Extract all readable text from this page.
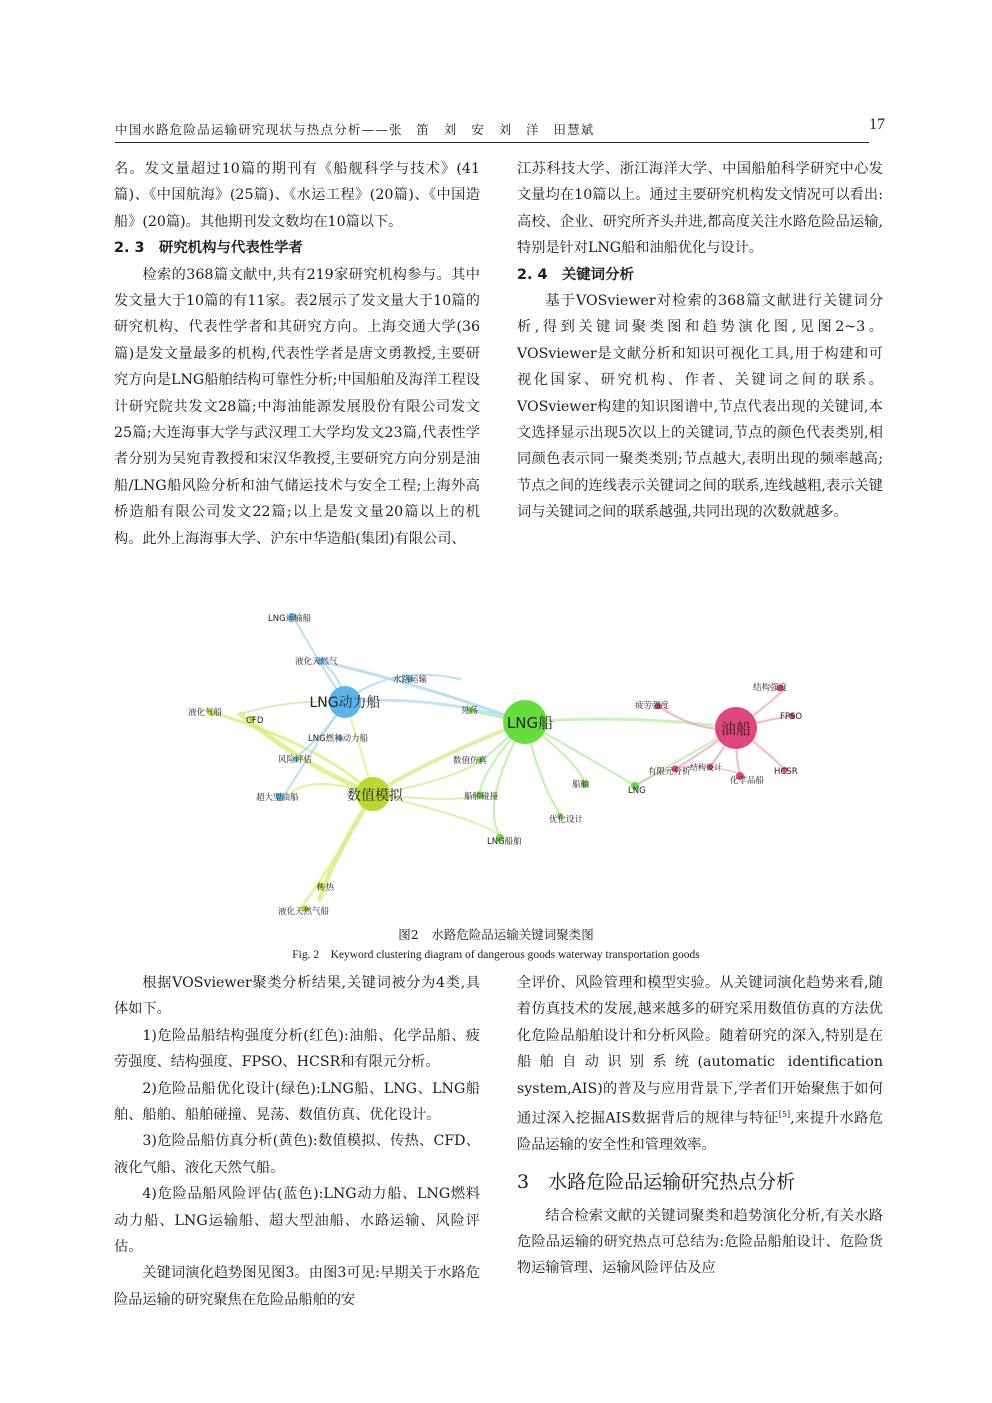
中国水路危险品运输研究现状与热点分析——张　笛　刘　安　刘　洋　田慧斌	17

名。发文量超过10篇的期刊有《船舰科学与技术》(41篇)、《中国航海》(25篇)、《水运工程》(20篇)、《中国造船》(20篇)。其他期刊发文数均在10篇以下。

2. 3　研究机构与代表性学者

检索的368篇文献中,共有219家研究机构参与。其中发文量大于10篇的有11家。表2展示了发文量大于10篇的研究机构、代表性学者和其研究方向。上海交通大学(36篇)是发文量最多的机构,代表性学者是唐文勇教授,主要研究方向是LNG船舶结构可靠性分析;中国船舶及海洋工程设计研究院共发文28篇;中海油能源发展股份有限公司发文25篇;大连海事大学与武汉理工大学均发文23篇,代表性学者分别为吴宛青教授和宋汉华教授,主要研究方向分别是油船/LNG船风险分析和油气储运技术与安全工程;上海外高桥造船有限公司发文22篇;以上是发文量20篇以上的机构。此外上海海事大学、沪东中华造船(集团)有限公司、

江苏科技大学、浙江海洋大学、中国船舶科学研究中心发文量均在10篇以上。通过主要研究机构发文情况可以看出:高校、企业、研究所齐头并进,都高度关注水路危险品运输,特别是针对LNG船和油船优化与设计。

2. 4　关键词分析

基于VOSviewer对检索的368篇文献进行关键词分析,得到关键词聚类图和趋势演化图,见图2~3。VOSviewer是文献分析和知识可视化工具,用于构建和可视化国家、研究机构、作者、关键词之间的联系。VOSviewer构建的知识图谱中,节点代表出现的关键词,本文选择显示出现5次以上的关键词,节点的颜色代表类别,相同颜色表示同一聚类类别;节点越大,表明出现的频率越高;节点之间的连线表示关键词之间的联系,连线越粗,表示关键词与关键词之间的联系越强,共同出现的次数就越多。

LNG动力船
LNG船	油船
数值模拟
LNG运输船
液化天然气
水路运输
液化气船
CFD
LNG燃料动力船
风险评估
超大型油船
晃荡
数值仿真
船舶碰撞
船舶
LNG
优化设计
LNG船舶
传热
液化天然气船
疲劳强度
结构强度
FPSO
有限元分析 结构设计
化学品船
HCSR
图2　水路危险品运输关键词聚类图
Fig. 2　Keyword clustering diagram of dangerous goods waterway transportation goods

根据VOSviewer聚类分析结果,关键词被分为4类,具体如下。

1)危险品船结构强度分析(红色):油船、化学品船、疲劳强度、结构强度、FPSO、HCSR和有限元分析。

2)危险品船优化设计(绿色):LNG船、LNG、LNG船舶、船舶、船舶碰撞、晃荡、数值仿真、优化设计。

3)危险品船仿真分析(黄色):数值模拟、传热、CFD、液化气船、液化天然气船。

4)危险品船风险评估(蓝色):LNG动力船、LNG燃料动力船、LNG运输船、超大型油船、水路运输、风险评估。

关键词演化趋势图见图3。由图3可见:早期关于水路危险品运输的研究聚焦在危险品船舶的安

全评价、风险管理和模型实验。从关键词演化趋势来看,随着仿真技术的发展,越来越多的研究采用数值仿真的方法优化危险品船舶设计和分析风险。随着研究的深入,特别是在船舶自动识别系统(automatic identification system,AIS)的普及与应用背景下,学者们开始聚焦于如何通过深入挖掘AIS数据背后的规律与特征[5],来提升水路危险品运输的安全性和管理效率。

3　水路危险品运输研究热点分析

结合检索文献的关键词聚类和趋势演化分析,有关水路危险品运输的研究热点可总结为:危险品船舶设计、危险货物运输管理、运输风险评估及应
